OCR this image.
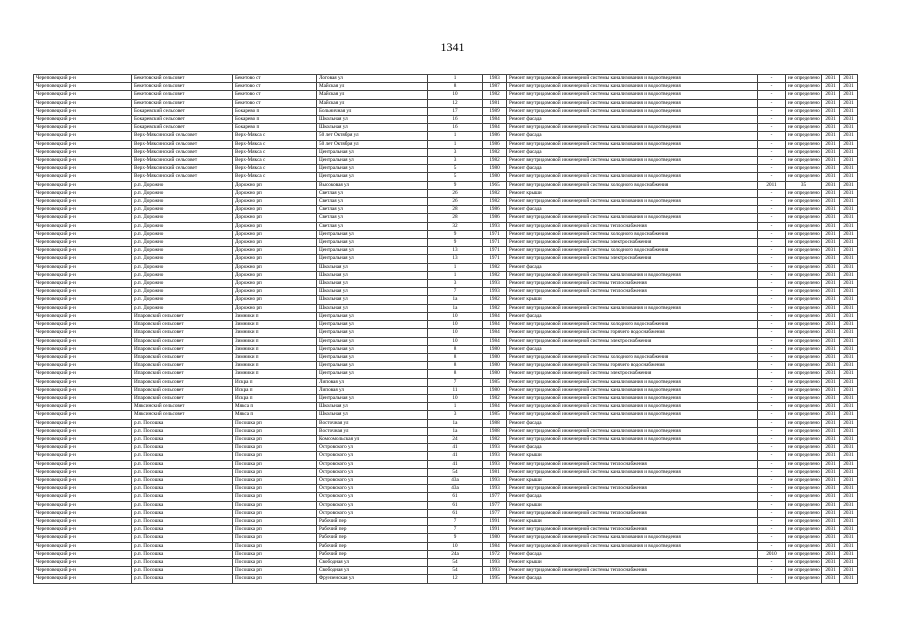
1341
Череповецкий р-н	Бекетовский сельсовет	Бекетово ст	Логовая ул	1	1983	Ремонт внутридомовой инженерной системы канализования и водоотведения	-	не определено	2031	2031
Череповецкий р-н	Бекетовский сельсовет	Бекетово ст	Майская ул	8	1987	Ремонт внутридомовой инженерной системы канализования и водоотведения	-	не определено	2031	2031
Череповецкий р-н	Бекетовский сельсовет	Бекетово ст	Майская ул	10	1982	Ремонт внутридомовой инженерной системы канализования и водоотведения	-	не определено	2031	2031
Череповецкий р-н	Бекетовский сельсовет	Бекетово ст	Майская ул	12	1981	Ремонт внутридомовой инженерной системы канализования и водоотведения	-	не определено	2031	2031
Череповецкий р-н	Бокаревский сельсовет	Бокарево п	Больничная ул	17	1989	Ремонт внутридомовой инженерной системы канализования и водоотведения	-	не определено	2031	2031
Череповецкий р-н	Бокаревский сельсовет	Бокарево п	Школьная ул	16	1984	Ремонт фасада	-	не определено	2031	2031
Череповецкий р-н	Бокаревский сельсовет	Бокарево п	Школьная ул	16	1984	Ремонт внутридомовой инженерной системы канализования и водоотведения	-	не определено	2031	2031
Череповецкий р-н	Верх-Мяксинский сельсовет	Верх-Мякса с	50 лет Октября ул	1	1986	Ремонт фасада	-	не определено	2031	2031
Череповецкий р-н	Верх-Мяксинский сельсовет	Верх-Мякса с	50 лет Октября ул	1	1986	Ремонт внутридомовой инженерной системы канализования и водоотведения	-	не определено	2031	2031
Череповецкий р-н	Верх-Мяксинский сельсовет	Верх-Мякса с	Центральная ул	3	1982	Ремонт фасада	-	не определено	2031	2031
Череповецкий р-н	Верх-Мяксинский сельсовет	Верх-Мякса с	Центральная ул	3	1982	Ремонт внутридомовой инженерной системы канализования и водоотведения	-	не определено	2031	2031
Череповецкий р-н	Верх-Мяксинский сельсовет	Верх-Мякса с	Центральная ул	5	1980	Ремонт фасада	-	не определено	2031	2031
Череповецкий р-н	Верх-Мяксинский сельсовет	Верх-Мякса с	Центральная ул	5	1980	Ремонт внутридомовой инженерной системы канализования и водоотведения	-	не определено	2031	2031
Череповецкий р-н	р.п. Дорожно	Дорожно рп	Высоковая ул	9	1965	Ремонт внутридомовой инженерной системы холодного водоснабжения	2011	35	2031	2031
Череповецкий р-н	р.п. Дорожно	Дорожно рп	Светлая ул	26	1982	Ремонт крыши	-	не определено	2031	2031
Череповецкий р-н	р.п. Дорожно	Дорожно рп	Светлая ул	26	1982	Ремонт внутридомовой инженерной системы канализования и водоотведения	-	не определено	2031	2031
Череповецкий р-н	р.п. Дорожно	Дорожно рп	Светлая ул	28	1986	Ремонт фасада	-	не определено	2031	2031
Череповецкий р-н	р.п. Дорожно	Дорожно рп	Светлая ул	28	1986	Ремонт внутридомовой инженерной системы канализования и водоотведения	-	не определено	2031	2031
Череповецкий р-н	р.п. Дорожно	Дорожно рп	Светлая ул	32	1993	Ремонт внутридомовой инженерной системы теплоснабжения	-	не определено	2031	2031
Череповецкий р-н	р.п. Дорожно	Дорожно рп	Центральная ул	9	1971	Ремонт внутридомовой инженерной системы холодного водоснабжения	-	не определено	2031	2031
Череповецкий р-н	р.п. Дорожно	Дорожно рп	Центральная ул	9	1971	Ремонт внутридомовой инженерной системы электроснабжения	-	не определено	2031	2031
Череповецкий р-н	р.п. Дорожно	Дорожно рп	Центральная ул	13	1971	Ремонт внутридомовой инженерной системы холодного водоснабжения	-	не определено	2031	2031
Череповецкий р-н	р.п. Дорожно	Дорожно рп	Центральная ул	13	1971	Ремонт внутридомовой инженерной системы электроснабжения	-	не определено	2031	2031
Череповецкий р-н	р.п. Дорожно	Дорожно рп	Школьная ул	1	1982	Ремонт фасада	-	не определено	2031	2031
Череповецкий р-н	р.п. Дорожно	Дорожно рп	Школьная ул	1	1982	Ремонт внутридомовой инженерной системы канализования и водоотведения	-	не определено	2031	2031
Череповецкий р-н	р.п. Дорожно	Дорожно рп	Школьная ул	3	1993	Ремонт внутридомовой инженерной системы теплоснабжения	-	не определено	2031	2031
Череповецкий р-н	р.п. Дорожно	Дорожно рп	Школьная ул	7	1993	Ремонт внутридомовой инженерной системы теплоснабжения	-	не определено	2031	2031
Череповецкий р-н	р.п. Дорожно	Дорожно рп	Школьная ул	1а	1982	Ремонт крыши	-	не определено	2031	2031
Череповецкий р-н	р.п. Дорожно	Дорожно рп	Школьная ул	1а	1982	Ремонт внутридомовой инженерной системы канализования и водоотведения	-	не определено	2031	2031
Череповецкий р-н	Ипаровский сельсовет	Зимники п	Центральная ул	10	1984	Ремонт фасада	-	не определено	2031	2031
Череповецкий р-н	Ипаровский сельсовет	Зимники п	Центральная ул	10	1984	Ремонт внутридомовой инженерной системы холодного водоснабжения	-	не определено	2031	2031
Череповецкий р-н	Ипаровский сельсовет	Зимники п	Центральная ул	10	1984	Ремонт внутридомовой инженерной системы горячего водоснабжения	-	не определено	2031	2031
Череповецкий р-н	Ипаровский сельсовет	Зимники п	Центральная ул	10	1984	Ремонт внутридомовой инженерной системы электроснабжения	-	не определено	2031	2031
Череповецкий р-н	Ипаровский сельсовет	Зимники п	Центральная ул	8	1980	Ремонт фасада	-	не определено	2031	2031
Череповецкий р-н	Ипаровский сельсовет	Зимники п	Центральная ул	8	1980	Ремонт внутридомовой инженерной системы холодного водоснабжения	-	не определено	2031	2031
Череповецкий р-н	Ипаровский сельсовет	Зимники п	Центральная ул	8	1980	Ремонт внутридомовой инженерной системы горячего водоснабжения	-	не определено	2031	2031
Череповецкий р-н	Ипаровский сельсовет	Зимники п	Центральная ул	8	1980	Ремонт внутридомовой инженерной системы электроснабжения	-	не определено	2031	2031
Череповецкий р-н	Ипаровский сельсовет	Искра п	Липовая ул	7	1985	Ремонт внутридомовой инженерной системы канализования и водоотведения	-	не определено	2031	2031
Череповецкий р-н	Ипаровский сельсовет	Искра п	Липовая ул	11	1980	Ремонт внутридомовой инженерной системы канализования и водоотведения	-	не определено	2031	2031
Череповецкий р-н	Ипаровский сельсовет	Искра п	Центральная ул	10	1982	Ремонт внутридомовой инженерной системы канализования и водоотведения	-	не определено	2031	2031
Череповецкий р-н	Мяксинский сельсовет	Мякса п	Школьная ул	1	1984	Ремонт внутридомовой инженерной системы канализования и водоотведения	-	не определено	2031	2031
Череповецкий р-н	Мяксинский сельсовет	Мякса п	Школьная ул	3	1985	Ремонт внутридомовой инженерной системы канализования и водоотведения	-	не определено	2031	2031
Череповецкий р-н	р.п. Посошка	Посошка рп	Восточная ул	1а	1988	Ремонт фасада	-	не определено	2031	2031
Череповецкий р-н	р.п. Посошка	Посошка рп	Восточная ул	1а	1988	Ремонт внутридомовой инженерной системы канализования и водоотведения	-	не определено	2031	2031
Череповецкий р-н	р.п. Посошка	Посошка рп	Комсомольская ул	24	1982	Ремонт внутридомовой инженерной системы канализования и водоотведения	-	не определено	2031	2031
Череповецкий р-н	р.п. Посошка	Посошка рп	Островского ул	41	1993	Ремонт фасада	-	не определено	2031	2031
Череповецкий р-н	р.п. Посошка	Посошка рп	Островского ул	41	1993	Ремонт крыши	-	не определено	2031	2031
Череповецкий р-н	р.п. Посошка	Посошка рп	Островского ул	41	1993	Ремонт внутридомовой инженерной системы теплоснабжения	-	не определено	2031	2031
Череповецкий р-н	р.п. Посошка	Посошка рп	Островского ул	54	1981	Ремонт внутридомовой инженерной системы канализования и водоотведения	-	не определено	2031	2031
Череповецкий р-н	р.п. Посошка	Посошка рп	Островского ул	43а	1993	Ремонт крыши	-	не определено	2031	2031
Череповецкий р-н	р.п. Посошка	Посошка рп	Островского ул	43а	1993	Ремонт внутридомовой инженерной системы теплоснабжения	-	не определено	2031	2031
Череповецкий р-н	р.п. Посошка	Посошка рп	Островского ул	61	1977	Ремонт фасада	-	не определено	2031	2031
Череповецкий р-н	р.п. Посошка	Посошка рп	Островского ул	61	1977	Ремонт крыши	-	не определено	2031	2031
Череповецкий р-н	р.п. Посошка	Посошка рп	Островского ул	61	1977	Ремонт внутридомовой инженерной системы теплоснабжения	-	не определено	2031	2031
Череповецкий р-н	р.п. Посошка	Посошка рп	Рабочий пер	7	1991	Ремонт крыши	-	не определено	2031	2031
Череповецкий р-н	р.п. Посошка	Посошка рп	Рабочий пер	7	1991	Ремонт внутридомовой инженерной системы теплоснабжения	-	не определено	2031	2031
Череповецкий р-н	р.п. Посошка	Посошка рп	Рабочий пер	9	1980	Ремонт внутридомовой инженерной системы канализования и водоотведения	-	не определено	2031	2031
Череповецкий р-н	р.п. Посошка	Посошка рп	Рабочий пер	10	1984	Ремонт внутридомовой инженерной системы канализования и водоотведения	-	не определено	2031	2031
Череповецкий р-н	р.п. Посошка	Посошка рп	Рабочий пер	24а	1972	Ремонт фасада	2010	не определено	2031	2031
Череповецкий р-н	р.п. Посошка	Посошка рп	Свободная ул	54	1993	Ремонт крыши	-	не определено	2031	2031
Череповецкий р-н	р.п. Посошка	Посошка рп	Свободная ул	54	1993	Ремонт внутридомовой инженерной системы теплоснабжения	-	не определено	2031	2031
Череповецкий р-н	р.п. Посошка	Посошка рп	Фрунзенская ул	12	1995	Ремонт фасада	-	не определено	2031	2031
